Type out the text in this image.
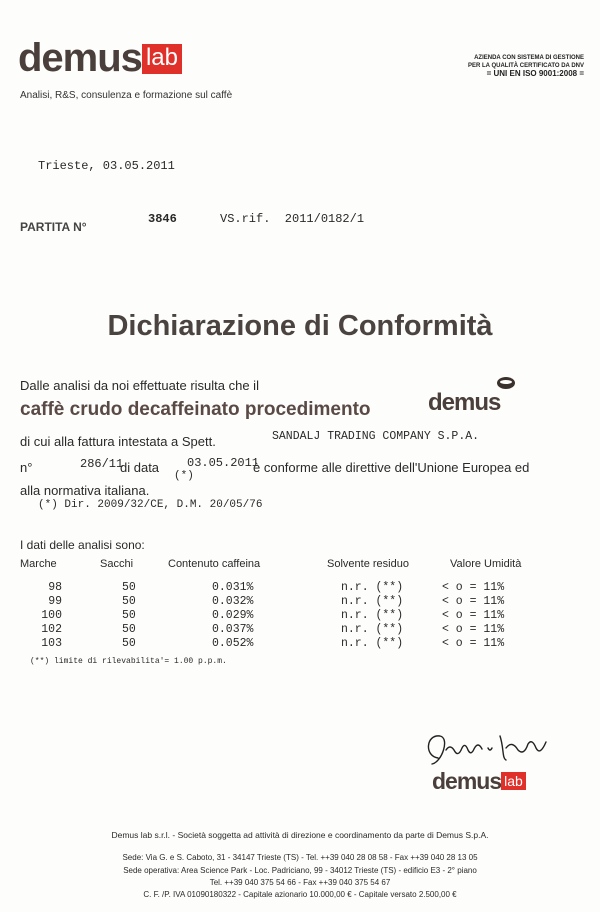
demus lab
Analisi, R&S, consulenza e formazione sul caffè
AZIENDA CON SISTEMA DI GESTIONE
PER LA QUALITÀ CERTIFICATO DA DNV
= UNI EN ISO 9001:2008 =
Trieste, 03.05.2011
PARTITA N°
3846	VS.rif.  2011/0182/1
Dichiarazione di Conformità
Dalle analisi da noi effettuate risulta che il
caffè crudo decaffeinato procedimento demus
di cui alla fattura intestata a Spett.	SANDALJ TRADING COMPANY S.P.A.
n°	286/11
di data 03.05.2011
(*)
è conforme alle direttive dell'Unione Europea ed
alla normativa italiana.
(*) Dir. 2009/32/CE, D.M. 20/05/76
I dati delle analisi sono:
Marche	Sacchi	Contenuto caffeina	Solvente residuo	Valore Umidità
98	50	0.031%	n.r. (**)	< o = 11%
99	50	0.032%	n.r. (**)	< o = 11%
100	50	0.029%	n.r. (**)	< o = 11%
102	50	0.037%	n.r. (**)	< o = 11%
103	50	0.052%	n.r. (**)	< o = 11%
(**) limite di rilevabilita'= 1.00 p.p.m.
demus lab
Demus lab s.r.l. - Società soggetta ad attività di direzione e coordinamento da parte di Demus S.p.A.
Sede: Via G. e S. Caboto, 31 - 34147 Trieste (TS) - Tel. ++39 040 28 08 58 - Fax ++39 040 28 13 05
Sede operativa: Area Science Park - Loc. Padriciano, 99 - 34012 Trieste (TS) - edificio E3 - 2° piano
Tel. ++39 040 375 54 66 - Fax ++39 040 375 54 67
C. F. /P. IVA 01090180322 - Capitale azionario 10.000,00 € - Capitale versato 2.500,00 €
